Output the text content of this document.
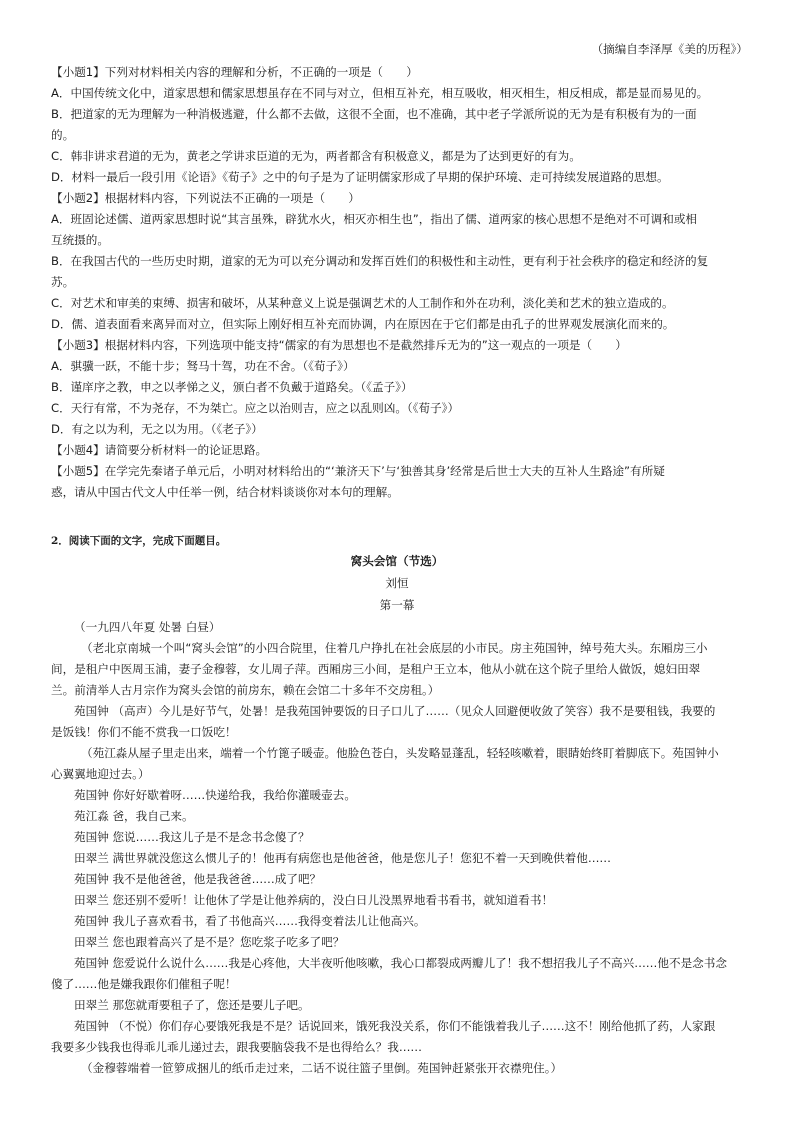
（摘编自李泽厚《美的历程》）
【小题1】下列对材料相关内容的理解和分析，不正确的一项是（　　）
A．中国传统文化中，道家思想和儒家思想虽存在不同与对立，但相互补充，相互吸收，相灭相生，相反相成，都是显而易见的。
B．把道家的无为理解为一种消极逃避，什么都不去做，这很不全面，也不准确，其中老子学派所说的无为是有积极有为的一面
的。
C．韩非讲求君道的无为，黄老之学讲求臣道的无为，两者都含有积极意义，都是为了达到更好的有为。
D．材料一最后一段引用《论语》《荀子》之中的句子是为了证明儒家形成了早期的保护环境、走可持续发展道路的思想。
【小题2】根据材料内容，下列说法不正确的一项是（　　）
A．班固论述儒、道两家思想时说“其言虽殊，辟犹水火，相灭亦相生也”，指出了儒、道两家的核心思想不是绝对不可调和或相
互统摄的。
B．在我国古代的一些历史时期，道家的无为可以充分调动和发挥百姓们的积极性和主动性，更有利于社会秩序的稳定和经济的复
苏。
C．对艺术和审美的束缚、损害和破坏，从某种意义上说是强调艺术的人工制作和外在功利，淡化美和艺术的独立造成的。
D．儒、道表面看来离异而对立，但实际上刚好相互补充而协调，内在原因在于它们都是由孔子的世界观发展演化而来的。
【小题3】根据材料内容，下列选项中能支持“儒家的有为思想也不是截然排斥无为的”这一观点的一项是（　　）
A．骐骥一跃，不能十步；驽马十驾，功在不舍。（《荀子》）
B．谨庠序之教，申之以孝悌之义，颁白者不负戴于道路矣。（《孟子》）
C．天行有常，不为尧存，不为桀亡。应之以治则吉，应之以乱则凶。（《荀子》）
D．有之以为利，无之以为用。（《老子》）
【小题4】请简要分析材料一的论证思路。
【小题5】在学完先秦诸子单元后，小明对材料给出的“‘兼济天下’与‘独善其身’经常是后世士大夫的互补人生路途”有所疑
惑，请从中国古代文人中任举一例，结合材料谈谈你对本句的理解。
2．阅读下面的文字，完成下面题目。
窝头会馆（节选）
刘恒
第一幕
（一九四八年夏 处暑 白昼）
（老北京南城一个叫“窝头会馆”的小四合院里，住着几户挣扎在社会底层的小市民。房主苑国钟，绰号苑大头。东厢房三小
间，是租户中医周玉浦，妻子金穆蓉，女儿周子萍。西厢房三小间，是租户王立本，他从小就在这个院子里给人做饭，媳妇田翠
兰。前清举人古月宗作为窝头会馆的前房东，赖在会馆二十多年不交房租。）
苑国钟 （高声）今儿是好节气，处暑！是我苑国钟要饭的日子口儿了……（见众人回避便收敛了笑容）我不是要租钱，我要的
是饭钱！你们不能不赏我一口饭吃！
（苑江淼从屋子里走出来，端着一个竹篦子暖壶。他脸色苍白，头发略显蓬乱，轻轻咳嗽着，眼睛始终盯着脚底下。苑国钟小
心翼翼地迎过去。）
苑国钟 你好好歇着呀……快递给我，我给你灌暖壶去。
苑江淼 爸，我自己来。
苑国钟 您说……我这儿子是不是念书念傻了？
田翠兰 满世界就没您这么惯儿子的！他再有病您也是他爸爸，他是您儿子！您犯不着一天到晚供着他……
苑国钟 我不是他爸爸，他是我爸爸……成了吧？
田翠兰 您还别不爱听！让他休了学是让他养病的，没白日儿没黑界地看书看书，就知道看书！
苑国钟 我儿子喜欢看书，看了书他高兴……我得变着法儿让他高兴。
田翠兰 您也跟着高兴了是不是？您吃浆子吃多了吧？
苑国钟 您爱说什么说什么……我是心疼他，大半夜听他咳嗽，我心口都裂成两瓣儿了！我不想招我儿子不高兴……他不是念书念
傻了……他是嫌我跟你们催租子呢！
田翠兰 那您就甭要租子了，您还是要儿子吧。
苑国钟 （不悦）你们存心要饿死我是不是？话说回来，饿死我没关系，你们不能饿着我儿子……这不！刚给他抓了药，人家跟
我要多少钱我也得乖儿乖儿递过去，跟我要脑袋我不是也得给么？我……
（金穆蓉端着一笸箩成捆儿的纸币走过来，二话不说往篮子里倒。苑国钟赶紧张开衣襟兜住。）
